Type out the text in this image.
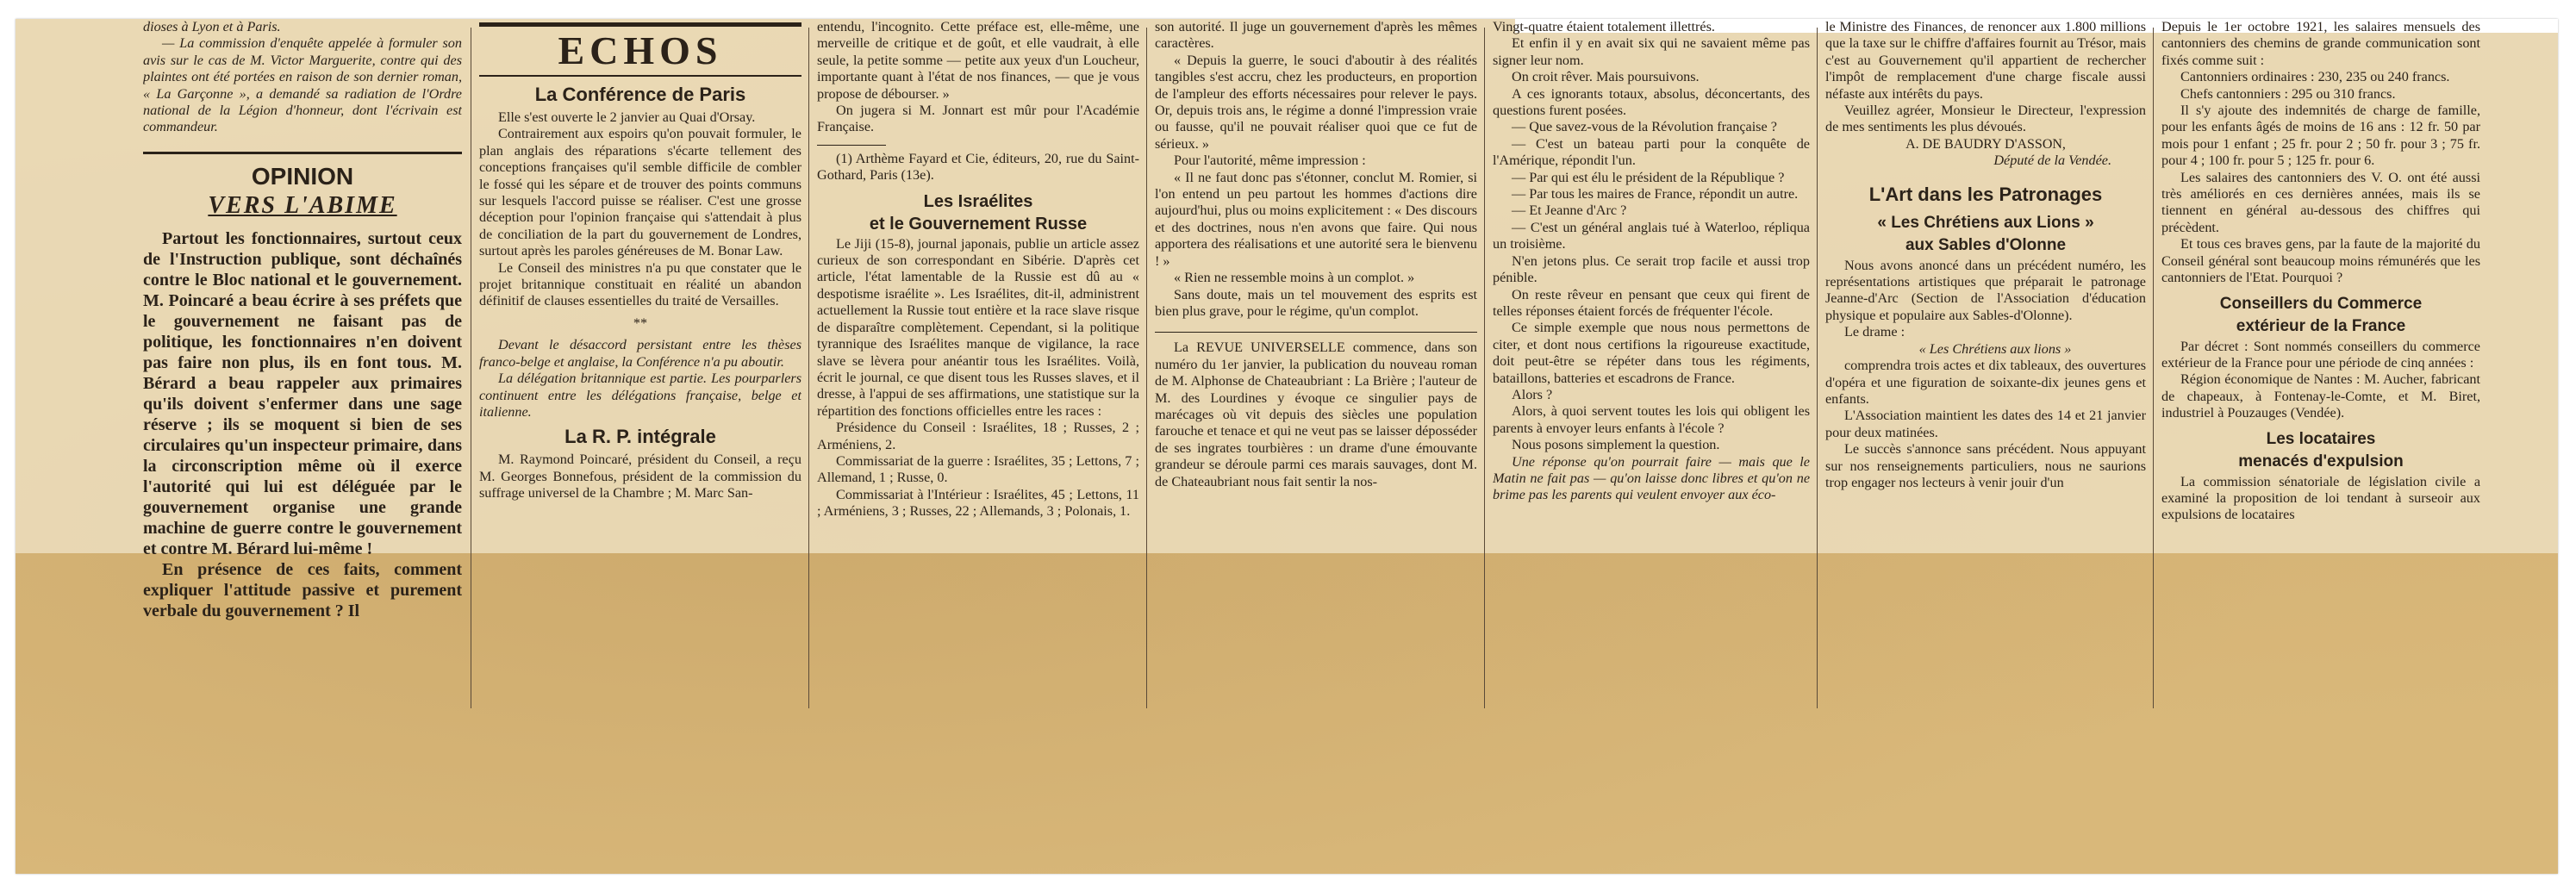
dioses à Lyon et à Paris.

— La commission d'enquête appelée à formuler son avis sur le cas de M. Victor Marguerite, contre qui des plaintes ont été portées en raison de son dernier roman, « La Garçonne », a demandé sa radiation de l'Ordre national de la Légion d'honneur, dont l'écrivain est commandeur.

OPINION
VERS L'ABIME

Partout les fonctionnaires, surtout ceux de l'Instruction publique, sont déchaînés contre le Bloc national et le gouvernement. M. Poincaré a beau écrire à ses préfets que le gouvernement ne faisant pas de politique, les fonctionnaires n'en doivent pas faire non plus, ils en font tous. M. Bérard a beau rappeler aux primaires qu'ils doivent s'enfermer dans une sage réserve ; ils se moquent si bien de ses circulaires qu'un inspecteur primaire, dans la circonscription même où il exerce l'autorité qui lui est déléguée par le gouvernement organise une grande machine de guerre contre le gouvernement et contre M. Bérard lui-même !

En présence de ces faits, comment expliquer l'attitude passive et purement verbale du gouvernement ? Il

ECHOS
La Conférence de Paris

Elle s'est ouverte le 2 janvier au Quai d'Orsay.

Contrairement aux espoirs qu'on pouvait formuler, le plan anglais des réparations s'écarte tellement des conceptions françaises qu'il semble difficile de combler le fossé qui les sépare et de trouver des points communs sur lesquels l'accord puisse se réaliser. C'est une grosse déception pour l'opinion française qui s'attendait à plus de conciliation de la part du gouvernement de Londres, surtout après les paroles généreuses de M. Bonar Law.

Le Conseil des ministres n'a pu que constater que le projet britannique constituait en réalité un abandon définitif de clauses essentielles du traité de Versailles.

**

Devant le désaccord persistant entre les thèses franco-belge et anglaise, la Conférence n'a pu aboutir.

La délégation britannique est partie. Les pourparlers continuent entre les délégations française, belge et italienne.

La R. P. intégrale

M. Raymond Poincaré, président du Conseil, a reçu M. Georges Bonnefous, président de la commission du suffrage universel de la Chambre ; M. Marc San-

entendu, l'incognito. Cette préface est, elle-même, une merveille de critique et de goût, et elle vaudrait, à elle seule, la petite somme — petite aux yeux d'un Loucheur, importante quant à l'état de nos finances, — que je vous propose de débourser. »

On jugera si M. Jonnart est mûr pour l'Académie Française.

(1) Arthème Fayard et Cie, éditeurs, 20, rue du Saint-Gothard, Paris (13e).

Les Israélites
et le Gouvernement Russe

Le Jiji (15-8), journal japonais, publie un article assez curieux de son correspondant en Sibérie. D'après cet article, l'état lamentable de la Russie est dû au « despotisme israélite ». Les Israélites, dit-il, administrent actuellement la Russie tout entière et la race slave risque de disparaître complètement. Cependant, si la politique tyrannique des Israélites manque de vigilance, la race slave se lèvera pour anéantir tous les Israélites. Voilà, écrit le journal, ce que disent tous les Russes slaves, et il dresse, à l'appui de ses affirmations, une statistique sur la répartition des fonctions officielles entre les races :

Présidence du Conseil : Israélites, 18 ; Russes, 2 ; Arméniens, 2.

Commissariat de la guerre : Israélites, 35 ; Lettons, 7 ; Allemand, 1 ; Russe, 0.

Commissariat à l'Intérieur : Israélites, 45 ; Lettons, 11 ; Arméniens, 3 ; Russes, 22 ; Allemands, 3 ; Polonais, 1.

son autorité. Il juge un gouvernement d'après les mêmes caractères.

« Depuis la guerre, le souci d'aboutir à des réalités tangibles s'est accru, chez les producteurs, en proportion de l'ampleur des efforts nécessaires pour relever le pays. Or, depuis trois ans, le régime a donné l'impression vraie ou fausse, qu'il ne pouvait réaliser quoi que ce fut de sérieux. »

Pour l'autorité, même impression :

« Il ne faut donc pas s'étonner, conclut M. Romier, si l'on entend un peu partout les hommes d'actions dire aujourd'hui, plus ou moins explicitement : « Des discours et des doctrines, nous n'en avons que faire. Qui nous apportera des réalisations et une autorité sera le bienvenu ! »

« Rien ne ressemble moins à un complot. »

Sans doute, mais un tel mouvement des esprits est bien plus grave, pour le régime, qu'un complot.

La REVUE UNIVERSELLE commence, dans son numéro du 1er janvier, la publication du nouveau roman de M. Alphonse de Chateaubriant : La Brière ; l'auteur de M. des Lourdines y évoque ce singulier pays de marécages où vit depuis des siècles une population farouche et tenace et qui ne veut pas se laisser déposséder de ses ingrates tourbières : un drame d'une émouvante grandeur se déroule parmi ces marais sauvages, dont M. de Chateaubriant nous fait sentir la nos-

Vingt-quatre étaient totalement illettrés.

Et enfin il y en avait six qui ne savaient même pas signer leur nom.

On croit rêver. Mais poursuivons.

A ces ignorants totaux, absolus, déconcertants, des questions furent posées.

— Que savez-vous de la Révolution française ?

— C'est un bateau parti pour la conquête de l'Amérique, répondit l'un.

— Par qui est élu le président de la République ?

— Par tous les maires de France, répondit un autre.

— Et Jeanne d'Arc ?

— C'est un général anglais tué à Waterloo, répliqua un troisième.

N'en jetons plus. Ce serait trop facile et aussi trop pénible.

On reste rêveur en pensant que ceux qui firent de telles réponses étaient forcés de fréquenter l'école.

Ce simple exemple que nous nous permettons de citer, et dont nous certifions la rigoureuse exactitude, doit peut-être se répéter dans tous les régiments, bataillons, batteries et escadrons de France.

Alors ?

Alors, à quoi servent toutes les lois qui obligent les parents à envoyer leurs enfants à l'école ?

Nous posons simplement la question.

Une réponse qu'on pourrait faire — mais que le Matin ne fait pas — qu'on laisse donc libres et qu'on ne brime pas les parents qui veulent envoyer aux éco-

le Ministre des Finances, de renoncer aux 1.800 millions que la taxe sur le chiffre d'affaires fournit au Trésor, mais c'est au Gouvernement qu'il appartient de rechercher l'impôt de remplacement d'une charge fiscale aussi néfaste aux intérêts du pays.

Veuillez agréer, Monsieur le Directeur, l'expression de mes sentiments les plus dévoués.

A. DE BAUDRY D'ASSON,
Député de la Vendée.
L'Art dans les Patronages
« Les Chrétiens aux Lions »
aux Sables d'Olonne

Nous avons anoncé dans un précédent numéro, les représentations artistiques que préparait le patronage Jeanne-d'Arc (Section de l'Association d'éducation physique et populaire aux Sables-d'Olonne).

Le drame :

« Les Chrétiens aux lions »

comprendra trois actes et dix tableaux, des ouvertures d'opéra et une figuration de soixante-dix jeunes gens et enfants.

L'Association maintient les dates des 14 et 21 janvier pour deux matinées.

Le succès s'annonce sans précédent. Nous appuyant sur nos renseignements particuliers, nous ne saurions trop engager nos lecteurs à venir jouir d'un

Depuis le 1er octobre 1921, les salaires mensuels des cantonniers des chemins de grande communication sont fixés comme suit :

Cantonniers ordinaires : 230, 235 ou 240 francs.

Chefs cantonniers : 295 ou 310 francs.

Il s'y ajoute des indemnités de charge de famille, pour les enfants âgés de moins de 16 ans : 12 fr. 50 par mois pour 1 enfant ; 25 fr. pour 2 ; 50 fr. pour 3 ; 75 fr. pour 4 ; 100 fr. pour 5 ; 125 fr. pour 6.

Les salaires des cantonniers des V. O. ont été aussi très améliorés en ces dernières années, mais ils se tiennent en général au-dessous des chiffres qui précèdent.

Et tous ces braves gens, par la faute de la majorité du Conseil général sont beaucoup moins rémunérés que les cantonniers de l'Etat. Pourquoi ?

Conseillers du Commerce
extérieur de la France

Par décret : Sont nommés conseillers du commerce extérieur de la France pour une période de cinq années :

Région économique de Nantes : M. Aucher, fabricant de chapeaux, à Fontenay-le-Comte, et M. Biret, industriel à Pouzauges (Vendée).

Les locataires
menacés d'expulsion

La commission sénatoriale de législation civile a examiné la proposition de loi tendant à surseoir aux expulsions de locataires
